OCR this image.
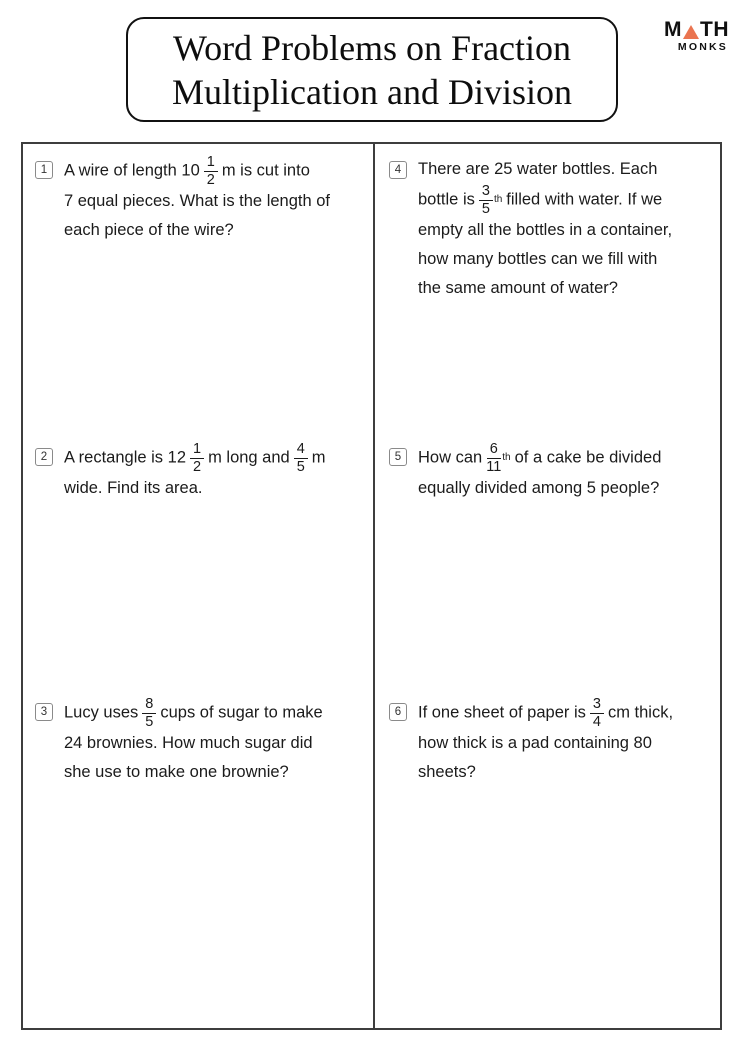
M TH
MONKS
Word Problems on Fraction
Multiplication and Division
1	A wire of length $10 \frac{1}{2}$ m is cut into
7 equal pieces. What is the length of
each piece of the wire?
4	There are 25 water bottles. Each
bottle is $\frac{3}{5}$ th filled with water. If we
empty all the bottles in a container,
how many bottles can we fill with
the same amount of water?
2	A rectangle is $12 \frac{1}{2}$ m long and $\frac{4}{5}$ m
wide. Find its area.
5	How can $\frac{6}{11}$ th of a cake be divided
equally divided among 5 people?
3	Lucy uses $\frac{8}{5}$ cups of sugar to make
24 brownies. How much sugar did
she use to make one brownie?
6	If one sheet of paper is $\frac{3}{4}$ cm thick,
how thick is a pad containing 80
sheets?
